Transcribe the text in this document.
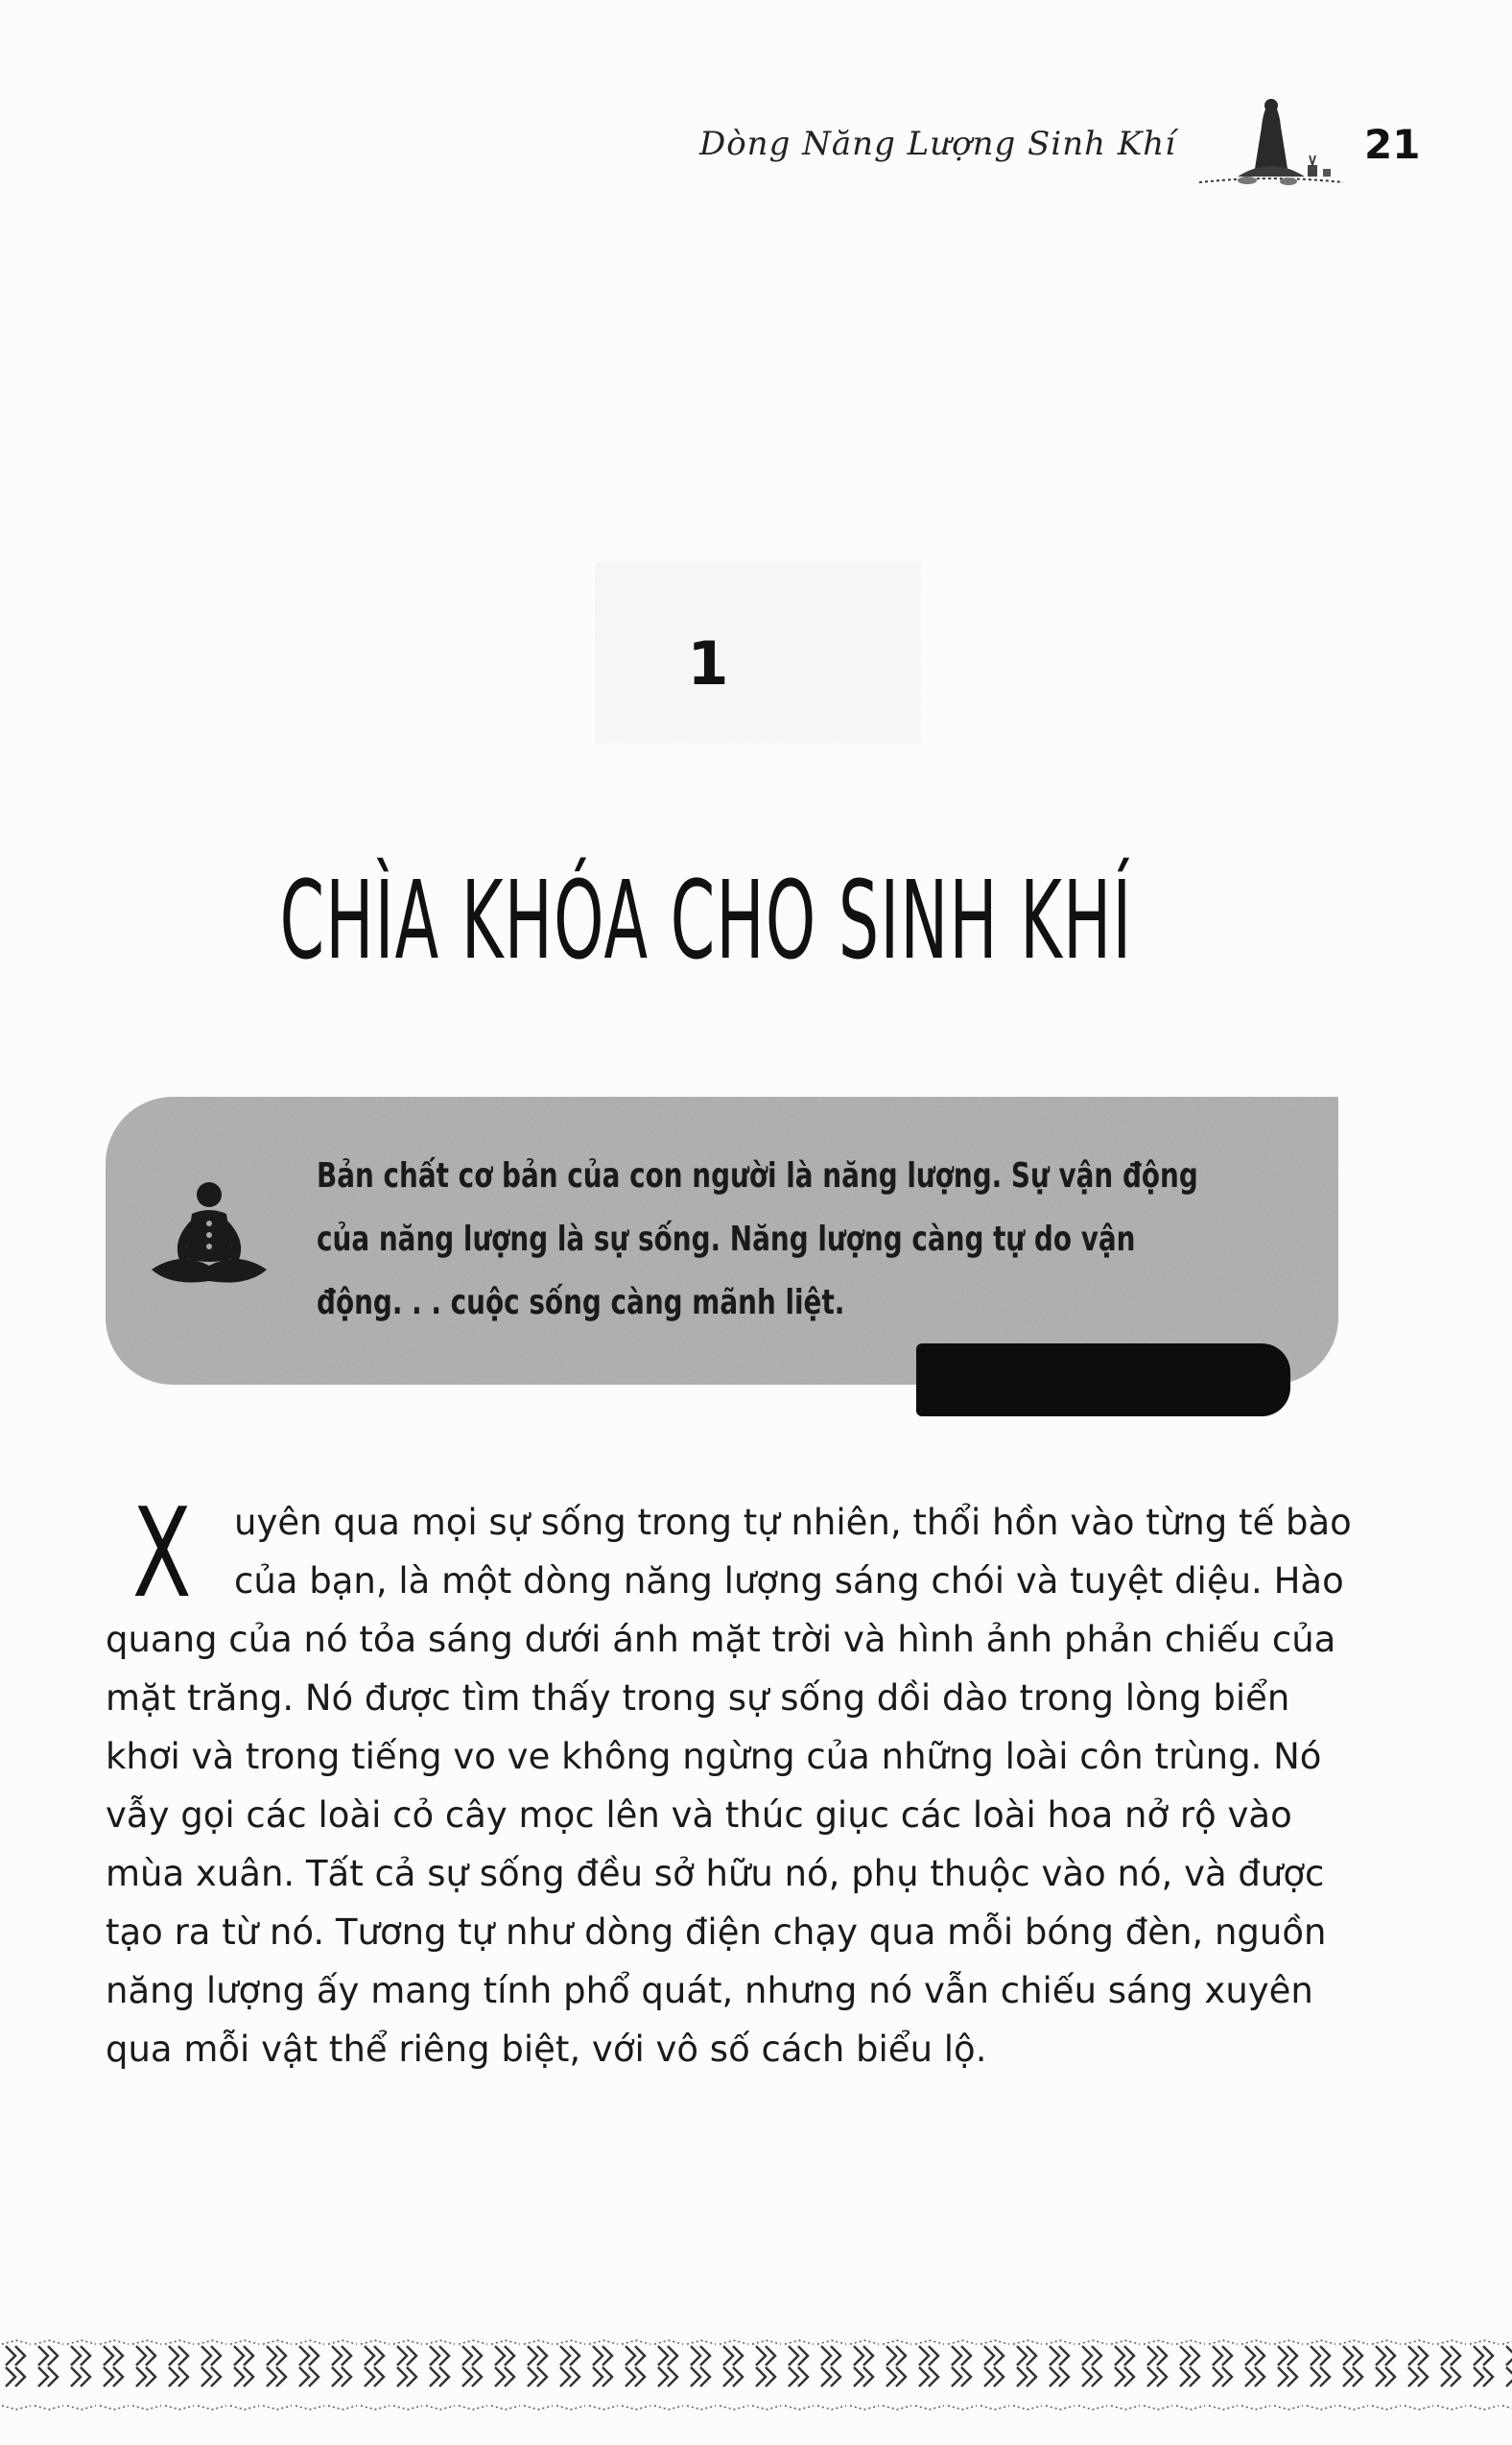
Dòng Năng Lượng Sinh Khí	21
1
CHÌA KHÓA CHO SINH KHÍ

Bản chất cơ bản của con người là năng lượng. Sự vận động
của năng lượng là sự sống. Năng lượng càng tự do vận
động. . . cuộc sống càng mãnh liệt.

X uyên qua mọi sự sống trong tự nhiên, thổi hồn vào từng tế bào
của bạn, là một dòng năng lượng sáng chói và tuyệt diệu. Hào

quang của nó tỏa sáng dưới ánh mặt trời và hình ảnh phản chiếu của
mặt trăng. Nó được tìm thấy trong sự sống dồi dào trong lòng biển
khơi và trong tiếng vo ve không ngừng của những loài côn trùng. Nó
vẫy gọi các loài cỏ cây mọc lên và thúc giục các loài hoa nở rộ vào
mùa xuân. Tất cả sự sống đều sở hữu nó, phụ thuộc vào nó, và được
tạo ra từ nó. Tương tự như dòng điện chạy qua mỗi bóng đèn, nguồn
năng lượng ấy mang tính phổ quát, nhưng nó vẫn chiếu sáng xuyên
qua mỗi vật thể riêng biệt, với vô số cách biểu lộ.
